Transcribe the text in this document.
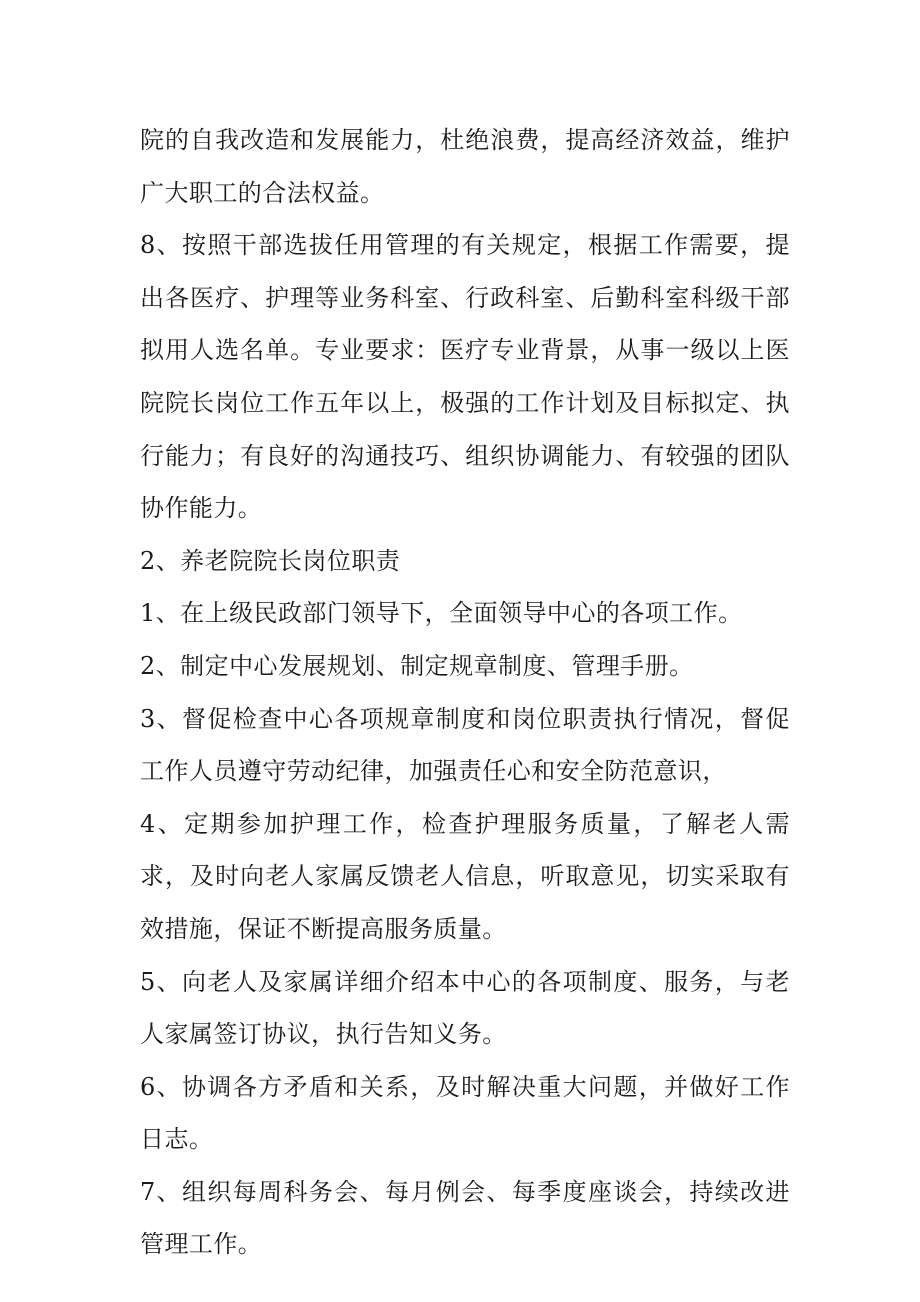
院的自我改造和发展能力，杜绝浪费，提高经济效益，维护广大职工的合法权益。

8、按照干部选拔任用管理的有关规定，根据工作需要，提出各医疗、护理等业务科室、行政科室、后勤科室科级干部拟用人选名单。专业要求：医疗专业背景，从事一级以上医院院长岗位工作五年以上，极强的工作计划及目标拟定、执行能力；有良好的沟通技巧、组织协调能力、有较强的团队协作能力。

2、养老院院长岗位职责

1、在上级民政部门领导下，全面领导中心的各项工作。

2、制定中心发展规划、制定规章制度、管理手册。

3、督促检查中心各项规章制度和岗位职责执行情况，督促工作人员遵守劳动纪律，加强责任心和安全防范意识，

4、定期参加护理工作，检查护理服务质量，了解老人需求，及时向老人家属反馈老人信息，听取意见，切实采取有效措施，保证不断提高服务质量。

5、向老人及家属详细介绍本中心的各项制度、服务，与老人家属签订协议，执行告知义务。

6、协调各方矛盾和关系，及时解决重大问题，并做好工作日志。

7、组织每周科务会、每月例会、每季度座谈会，持续改进管理工作。
